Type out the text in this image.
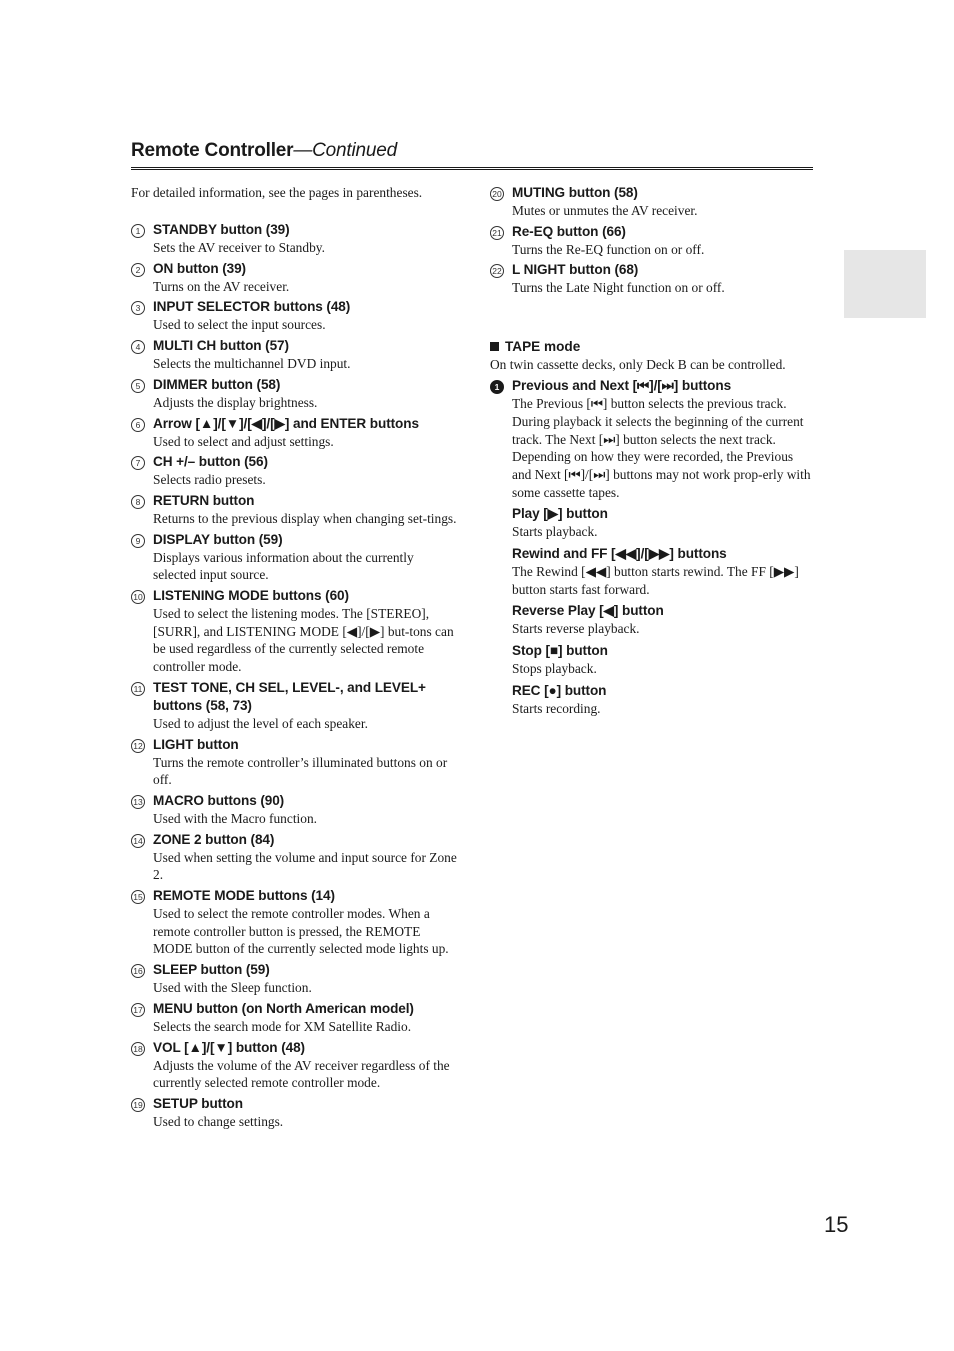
Remote Controller—Continued
For detailed information, see the pages in parentheses.
1 STANDBY button (39)
Sets the AV receiver to Standby.
2 ON button (39)
Turns on the AV receiver.
3 INPUT SELECTOR buttons (48)
Used to select the input sources.
4 MULTI CH button (57)
Selects the multichannel DVD input.
5 DIMMER button (58)
Adjusts the display brightness.
6 Arrow [▲]/[▼]/[◀]/[▶] and ENTER buttons
Used to select and adjust settings.
7 CH +/– button (56)
Selects radio presets.
8 RETURN button
Returns to the previous display when changing set-tings.
9 DISPLAY button (59)
Displays various information about the currently selected input source.
10 LISTENING MODE buttons (60)
Used to select the listening modes. The [STEREO], [SURR], and LISTENING MODE [◀]/[▶] but-tons can be used regardless of the currently selected remote controller mode.
11 TEST TONE, CH SEL, LEVEL-, and LEVEL+ buttons (58, 73)
Used to adjust the level of each speaker.
12 LIGHT button
Turns the remote controller’s illuminated buttons on or off.
13 MACRO buttons (90)
Used with the Macro function.
14 ZONE 2 button (84)
Used when setting the volume and input source for Zone 2.
15 REMOTE MODE buttons (14)
Used to select the remote controller modes. When a remote controller button is pressed, the REMOTE MODE button of the currently selected mode lights up.
16 SLEEP button (59)
Used with the Sleep function.
17 MENU button (on North American model)
Selects the search mode for XM Satellite Radio.
18 VOL [▲]/[▼] button (48)
Adjusts the volume of the AV receiver regardless of the currently selected remote controller mode.
19 SETUP button
Used to change settings.
20 MUTING button (58)
Mutes or unmutes the AV receiver.
21 Re-EQ button (66)
Turns the Re-EQ function on or off.
22 L NIGHT button (68)
Turns the Late Night function on or off.
TAPE mode
On twin cassette decks, only Deck B can be controlled.
1 Previous and Next [⏮]/[⏭] buttons
The Previous [⏮] button selects the previous track. During playback it selects the beginning of the current track. The Next [⏭] button selects the next track.
Depending on how they were recorded, the Previous and Next [⏮]/[⏭] buttons may not work prop-erly with some cassette tapes.
Play [▶] button
Starts playback.
Rewind and FF [◀◀]/[▶▶] buttons
The Rewind [◀◀] button starts rewind. The FF [▶▶] button starts fast forward.
Reverse Play [◀] button
Starts reverse playback.
Stop [■] button
Stops playback.
REC [●] button
Starts recording.
15
